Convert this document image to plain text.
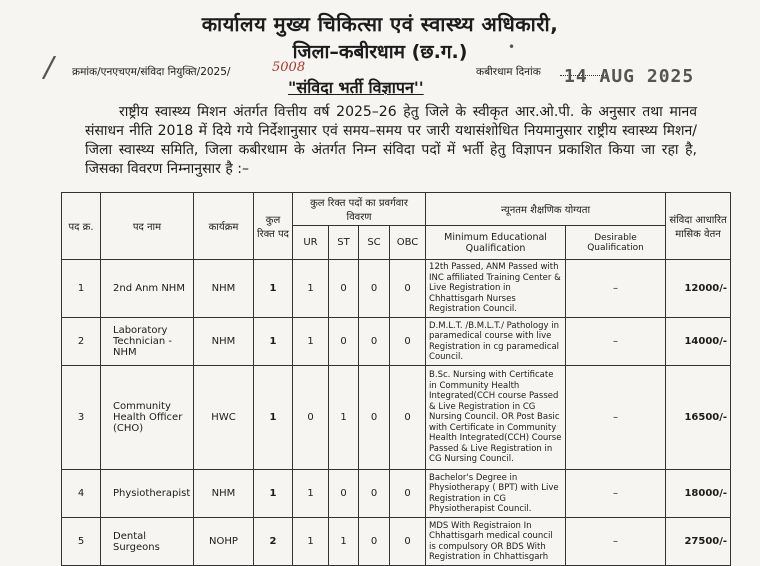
कार्यालय मुख्य चिकित्सा एवं स्वास्थ्य अधिकारी,
जिला–कबीरधाम (छ.ग.)	•
/ क्रमांक/एनएचएम/संविदा नियुक्ति/2025/	5008	कबीरधाम दिनांक 14 AUG 2025
"संविदा भर्ती विज्ञापन''
राष्ट्रीय स्वास्थ्य मिशन अंतर्गत वित्तीय वर्ष 2025–26 हेतु जिले के स्वीकृत आर.ओ.पी. के अनुसार तथा मानव संसाधन नीति 2018 में दिये गये निर्देशानुसार एवं समय–समय पर जारी यथासंशोधित नियमानुसार राष्ट्रीय स्वास्थ्य मिशन/जिला स्वास्थ्य समिति, जिला कबीरधाम के अंतर्गत निम्न संविदा पदों में भर्ती हेतु विज्ञापन प्रकाशित किया जा रहा है, जिसका विवरण निम्नानुसार है :–
पद क्र.	पद नाम	कार्यक्रम	कुल रिक्त पद	कुल रिक्त पदों का प्रवर्गवार विवरण				न्यूनतम शैक्षणिक योग्यता		संविदा आधारित मासिक वेतन
				UR	ST	SC	OBC	Minimum Educational Qualification	Desirable Qualification	
1	2nd Anm NHM	NHM	1	1	0	0	0	12th Passed, ANM Passed with INC affiliated Training Center & Live Registration in Chhattisgarh Nurses Registration Council.	–	12000/-
2	Laboratory Technician - NHM	NHM	1	1	0	0	0	D.M.L.T. /B.M.L.T./ Pathology in paramedical course with live Registration in cg paramedical Council.	–	14000/-
3	Community Health Officer (CHO)	HWC	1	0	1	0	0	B.Sc. Nursing with Certificate in Community Health Integrated(CCH course Passed & Live Registration in CG Nursing Council. OR Post Basic with Certificate in Community Health Integrated(CCH) Course Passed & Live Registration in CG Nursing Council.	–	16500/-
4	Physiotherapist	NHM	1	1	0	0	0	Bachelor's Degree in Physiotherapy ( BPT) with Live Registration in CG Physiotherapist Council.	–	18000/-
5	Dental Surgeons	NOHP	2	1	1	0	0	MDS With Registraion In Chhattisgarh medical council is compulsory OR BDS With Registration in Chhattisgarh	–	27500/-
